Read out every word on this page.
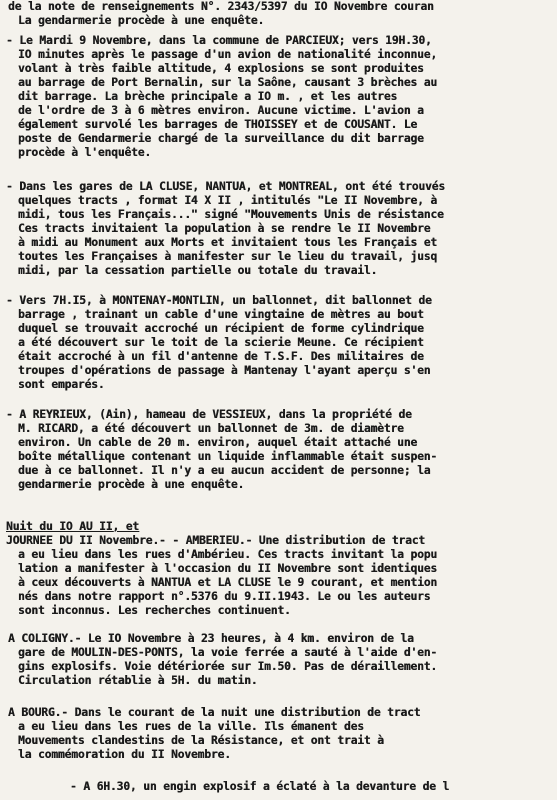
de la note de renseignements N°. 2343/5397 du IO Novembre couran
La gendarmerie procède à une enquête.
- Le Mardi 9 Novembre, dans la commune de PARCIEUX; vers 19H.30,
IO minutes après le passage d'un avion de nationalité inconnue,
volant à très faible altitude, 4 explosions se sont produites
au barrage de Port Bernalin, sur la Saône, causant 3 brèches au
dit barrage. La brèche principale a IO m. , et les autres
de l'ordre de 3 à 6 mètres environ. Aucune victime. L'avion a
également survolé les barrages de THOISSEY et de COUSANT. Le
poste de Gendarmerie chargé de la surveillance du dit barrage
procède à l'enquête.
- Dans les gares de LA CLUSE, NANTUA, et MONTREAL, ont été trouvés
quelques tracts , format I4 X II , intitulés "Le II Novembre, à
midi, tous les Français..." signé "Mouvements Unis de résistance
Ces tracts invitaient la population à se rendre le II Novembre
à midi au Monument aux Morts et invitaient tous les Français et
toutes les Françaises à manifester sur le lieu du travail, jusq
midi, par la cessation partielle ou totale du travail.
- Vers 7H.I5, à MONTENAY-MONTLIN, un ballonnet, dit ballonnet de
barrage , trainant un cable d'une vingtaine de mètres au bout
duquel se trouvait accroché un récipient de forme cylindrique
a été découvert sur le toit de la scierie Meune. Ce récipient
était accroché à un fil d'antenne de T.S.F. Des militaires de
troupes d'opérations de passage à Mantenay l'ayant aperçu s'en
sont emparés.
- A REYRIEUX, (Ain), hameau de VESSIEUX, dans la propriété de
M. RICARD, a été découvert un ballonnet de 3m. de diamètre
environ. Un cable de 20 m. environ, auquel était attaché une
boîte métallique contenant un liquide inflammable était suspen-
due à ce ballonnet. Il n'y a eu aucun accident de personne; la
gendarmerie procède à une enquête.
Nuit du IO AU II, et
JOURNEE DU II Novembre.- - AMBERIEU.- Une distribution de tract
a eu lieu dans les rues d'Ambérieu. Ces tracts invitant la popu
lation a manifester à l'occasion du II Novembre sont identiques
à ceux découverts à NANTUA et LA CLUSE le 9 courant, et mention
nés dans notre rapport n°.5376 du 9.II.1943. Le ou les auteurs
sont inconnus. Les recherches continuent.
A COLIGNY.- Le IO Novembre à 23 heures, à 4 km. environ de la
gare de MOULIN-DES-PONTS, la voie ferrée a sauté à l'aide d'en-
gins explosifs. Voie détériorée sur Im.50. Pas de déraillement.
Circulation rétablie à 5H. du matin.
A BOURG.- Dans le courant de la nuit une distribution de tract
a eu lieu dans les rues de la ville. Ils émanent des
Mouvements clandestins de la Résistance, et ont trait à
la commémoration du II Novembre.
- A 6H.30, un engin explosif a éclaté à la devanture de l
